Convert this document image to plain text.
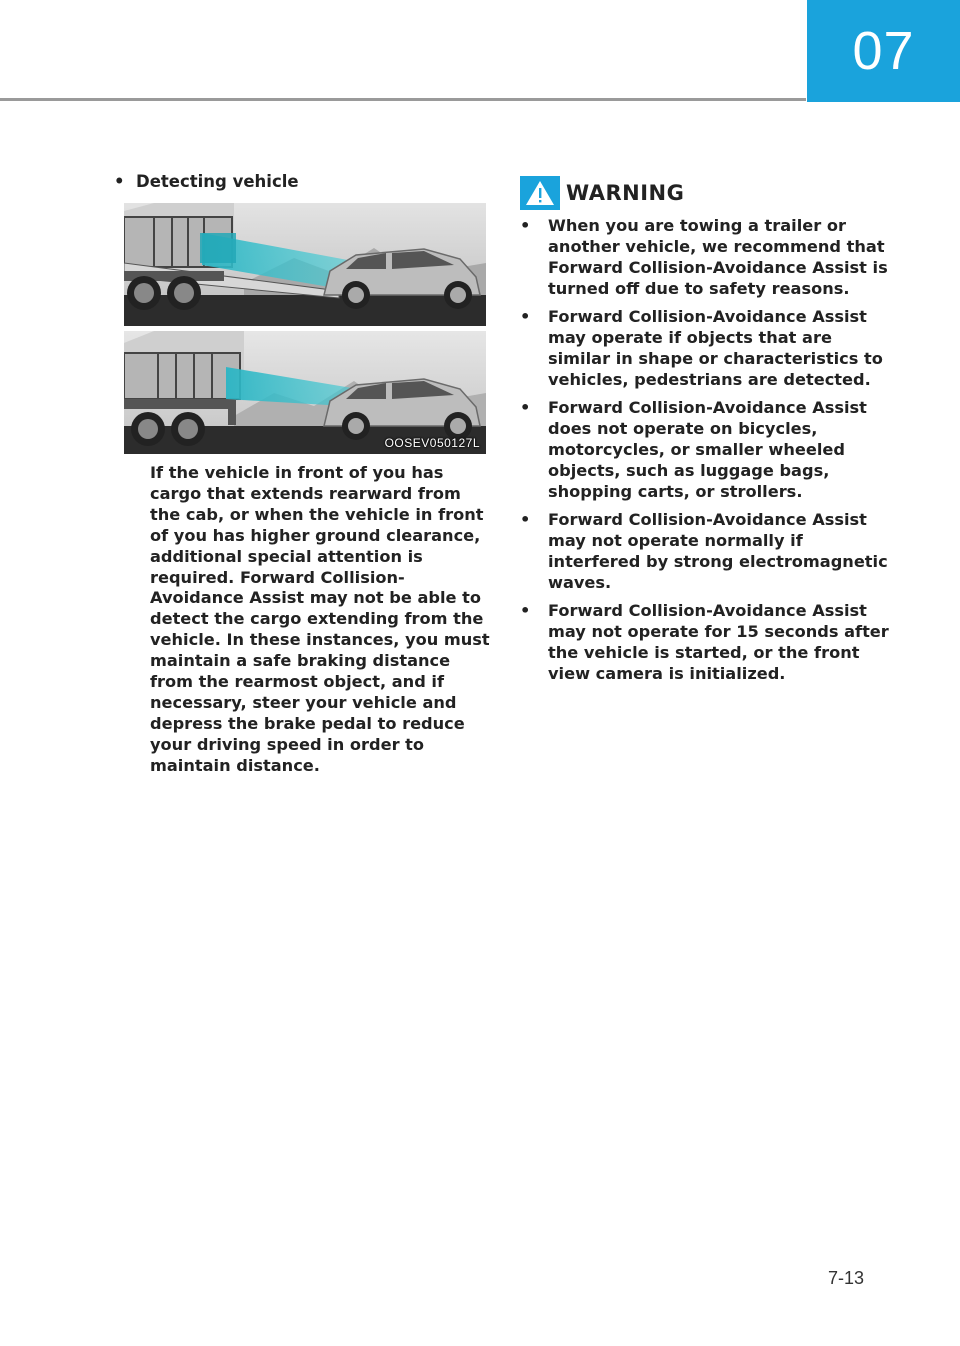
07
• Detecting vehicle
OOSEV050127L

If the vehicle in front of you has cargo that extends rearward from the cab, or when the vehicle in front of you has higher ground clearance, additional special attention is required. Forward Collision-Avoidance Assist may not be able to detect the cargo extending from the vehicle. In these instances, you must maintain a safe braking distance from the rearmost object, and if necessary, steer your vehicle and depress the brake pedal to reduce your driving speed in order to maintain distance.

WARNING
•	When you are towing a trailer or another vehicle, we recommend that Forward Collision-Avoidance Assist is turned off due to safety reasons.
•	Forward Collision-Avoidance Assist may operate if objects that are similar in shape or characteristics to vehicles, pedestrians are detected.
•	Forward Collision-Avoidance Assist does not operate on bicycles, motorcycles, or smaller wheeled objects, such as luggage bags, shopping carts, or strollers.
•	Forward Collision-Avoidance Assist may not operate normally if interfered by strong electromagnetic waves.
•	Forward Collision-Avoidance Assist may not operate for 15 seconds after the vehicle is started, or the front view camera is initialized.
7-13
